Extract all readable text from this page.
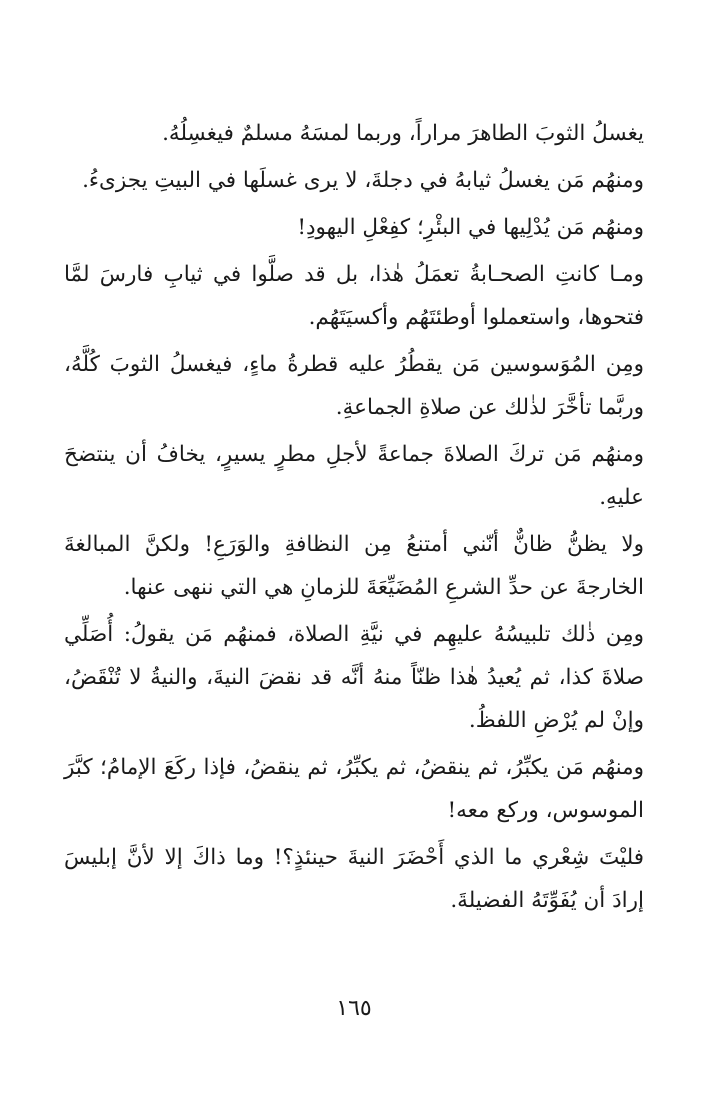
يغسلُ الثوبَ الطاهرَ مراراً، وربما لمسَهُ مسلمٌ فيغسِلُهُ.

ومنهُم مَن يغسلُ ثيابهُ في دجلةَ، لا يرى غسلَها في البيتِ يجزىءُ.

ومنهُم مَن يُدْلِيها في البئْرِ؛ كفِعْلِ اليهودِ!

ومـا كانتِ الصحـابةُ تعمَلُ هٰذا، بل قد صلَّوا في ثيابِ فارسَ لمَّا فتحوها، واستعملوا أوطئتَهُم وأكسيَتَهُم.

ومِن المُوَسوسين مَن يقطُرُ عليه قطرةُ ماءٍ، فيغسلُ الثوبَ كُلَّهُ، وربَّما تأخَّرَ لذٰلك عن صلاةِ الجماعةِ.

ومنهُم مَن تركَ الصلاةَ جماعةً لأجلِ مطرٍ يسيرٍ، يخافُ أن ينتضحَ عليهِ.

ولا يظنُّ ظانٌّ أنّني أمتنعُ مِن النظافةِ والوَرَعِ! ولكنَّ المبالغةَ الخارجةَ عن حدِّ الشرعِ المُضَيِّعَةَ للزمانِ هي التي ننهى عنها.

ومِن ذٰلك تلبيسُهُ عليهِم في نيَّةِ الصلاة، فمنهُم مَن يقولُ: أُصَلِّي صلاةَ كذا، ثم يُعيدُ هٰذا ظنّاً منهُ أنَّه قد نقضَ النيةَ، والنيةُ لا تُنْقَضُ، وإنْ لم يُرْضِ اللفظُ.

ومنهُم مَن يكبِّرُ، ثم ينقضُ، ثم يكبِّرُ، ثم ينقضُ، فإذا ركَعَ الإمامُ؛ كبَّرَ الموسوس، وركع معه!

فليْتَ شِعْري ما الذي أَحْضَرَ النيةَ حينئذٍ؟! وما ذاكَ إلا لأنَّ إبليسَ إرادَ أن يُفَوِّتَهُ الفضيلةَ.

١٦٥
